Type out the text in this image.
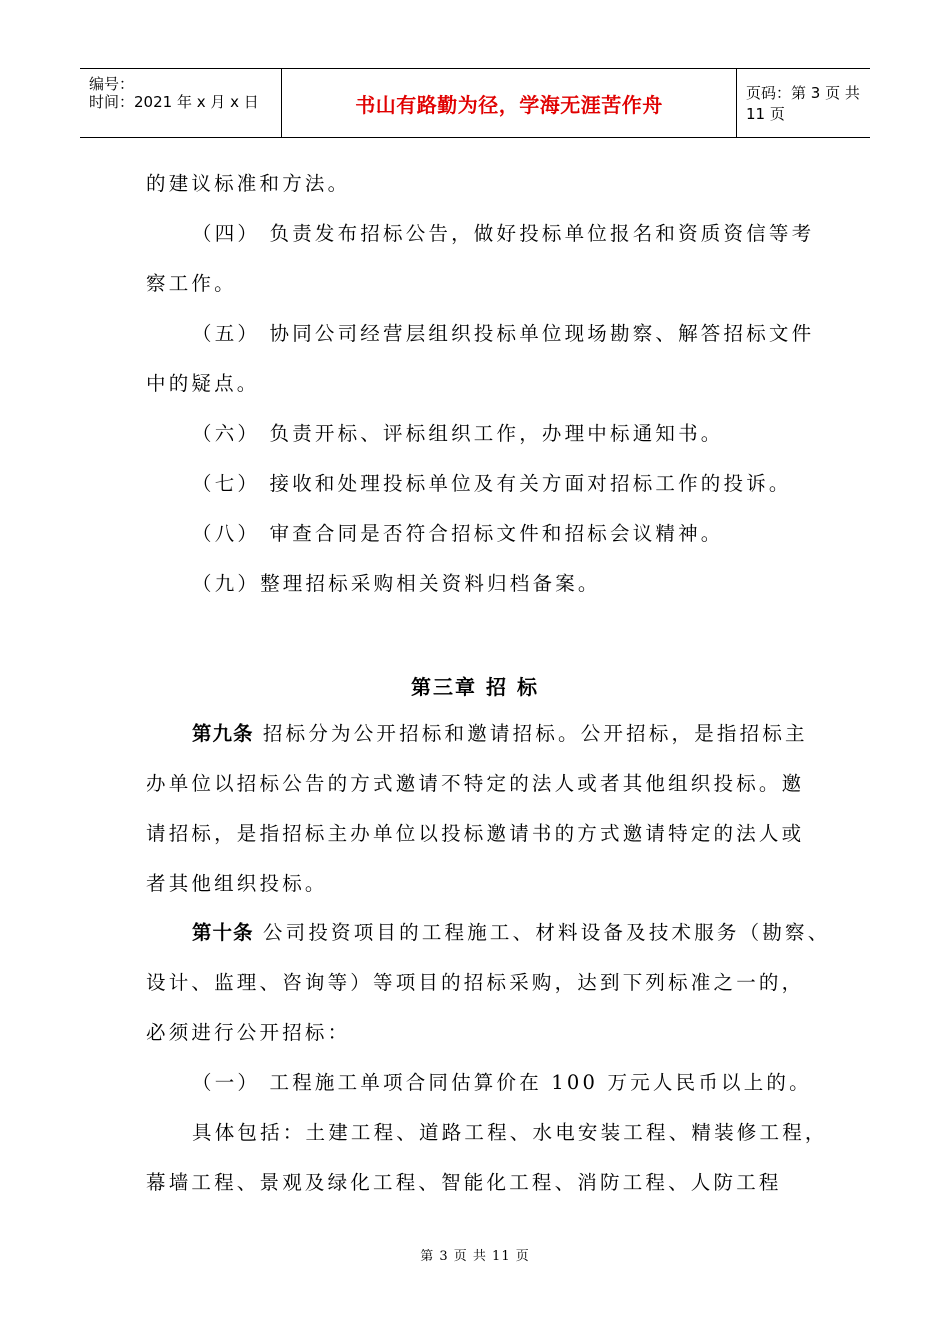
编号：
时间：2021 年 x 月 x 日	书山有路勤为径，学海无涯苦作舟	页码：第 3 页 共 11 页
的建议标准和方法。
（四） 负责发布招标公告，做好投标单位报名和资质资信等考
察工作。
（五） 协同公司经营层组织投标单位现场勘察、解答招标文件
中的疑点。
（六） 负责开标、评标组织工作，办理中标通知书。
（七） 接收和处理投标单位及有关方面对招标工作的投诉。
（八） 审查合同是否符合招标文件和招标会议精神。
（九）整理招标采购相关资料归档备案。
第三章 招 标
第九条 招标分为公开招标和邀请招标。公开招标，是指招标主
办单位以招标公告的方式邀请不特定的法人或者其他组织投标。邀
请招标，是指招标主办单位以投标邀请书的方式邀请特定的法人或
者其他组织投标。
第十条 公司投资项目的工程施工、材料设备及技术服务（勘察、
设计、监理、咨询等）等项目的招标采购，达到下列标准之一的，
必须进行公开招标：
（一） 工程施工单项合同估算价在 100 万元人民币以上的。
具体包括：土建工程、道路工程、水电安装工程、精装修工程，
幕墙工程、景观及绿化工程、智能化工程、消防工程、人防工程
第 3 页 共 11 页
